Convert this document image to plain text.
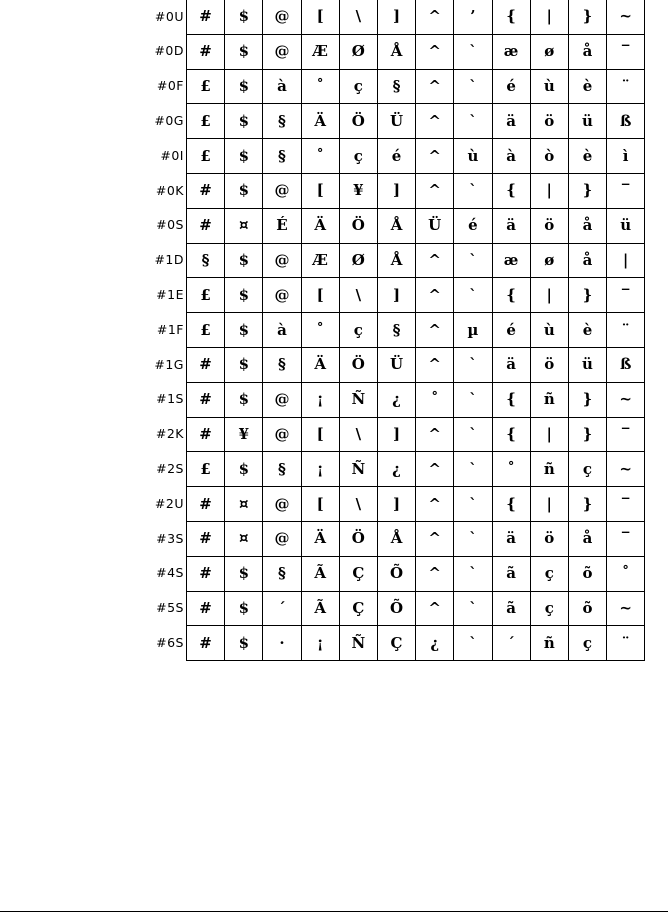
#0U	#	$	@	[	\	]	^	’	{	|	}	~
#0D	#	$	@	Æ	Ø	Å	^	`	æ	ø	å	‾
#0F	£	$	à	˚	ç	§	^	`	é	ù	è	¨
#0G	£	$	§	Ä	Ö	Ü	^	`	ä	ö	ü	ß
#0I	£	$	§	˚	ç	é	^	ù	à	ò	è	ì
#0K	#	$	@	[	¥	]	^	`	{	|	}	‾
#0S	#	¤	É	Ä	Ö	Å	Ü	é	ä	ö	å	ü
#1D	§	$	@	Æ	Ø	Å	^	`	æ	ø	å	|
#1E	£	$	@	[	\	]	^	`	{	|	}	‾
#1F	£	$	à	˚	ç	§	^	µ	é	ù	è	¨
#1G	#	$	§	Ä	Ö	Ü	^	`	ä	ö	ü	ß
#1S	#	$	@	¡	Ñ	¿	˚	`	{	ñ	}	~
#2K	#	¥	@	[	\	]	^	`	{	|	}	‾
#2S	£	$	§	¡	Ñ	¿	^	`	˚	ñ	ç	~
#2U	#	¤	@	[	\	]	^	`	{	|	}	‾
#3S	#	¤	@	Ä	Ö	Å	^	`	ä	ö	å	‾
#4S	#	$	§	Ã	Ç	Õ	^	`	ã	ç	õ	˚
#5S	#	$	´	Ã	Ç	Õ	^	`	ã	ç	õ	~
#6S	#	$	·	¡	Ñ	Ç	¿	`	´	ñ	ç	¨
